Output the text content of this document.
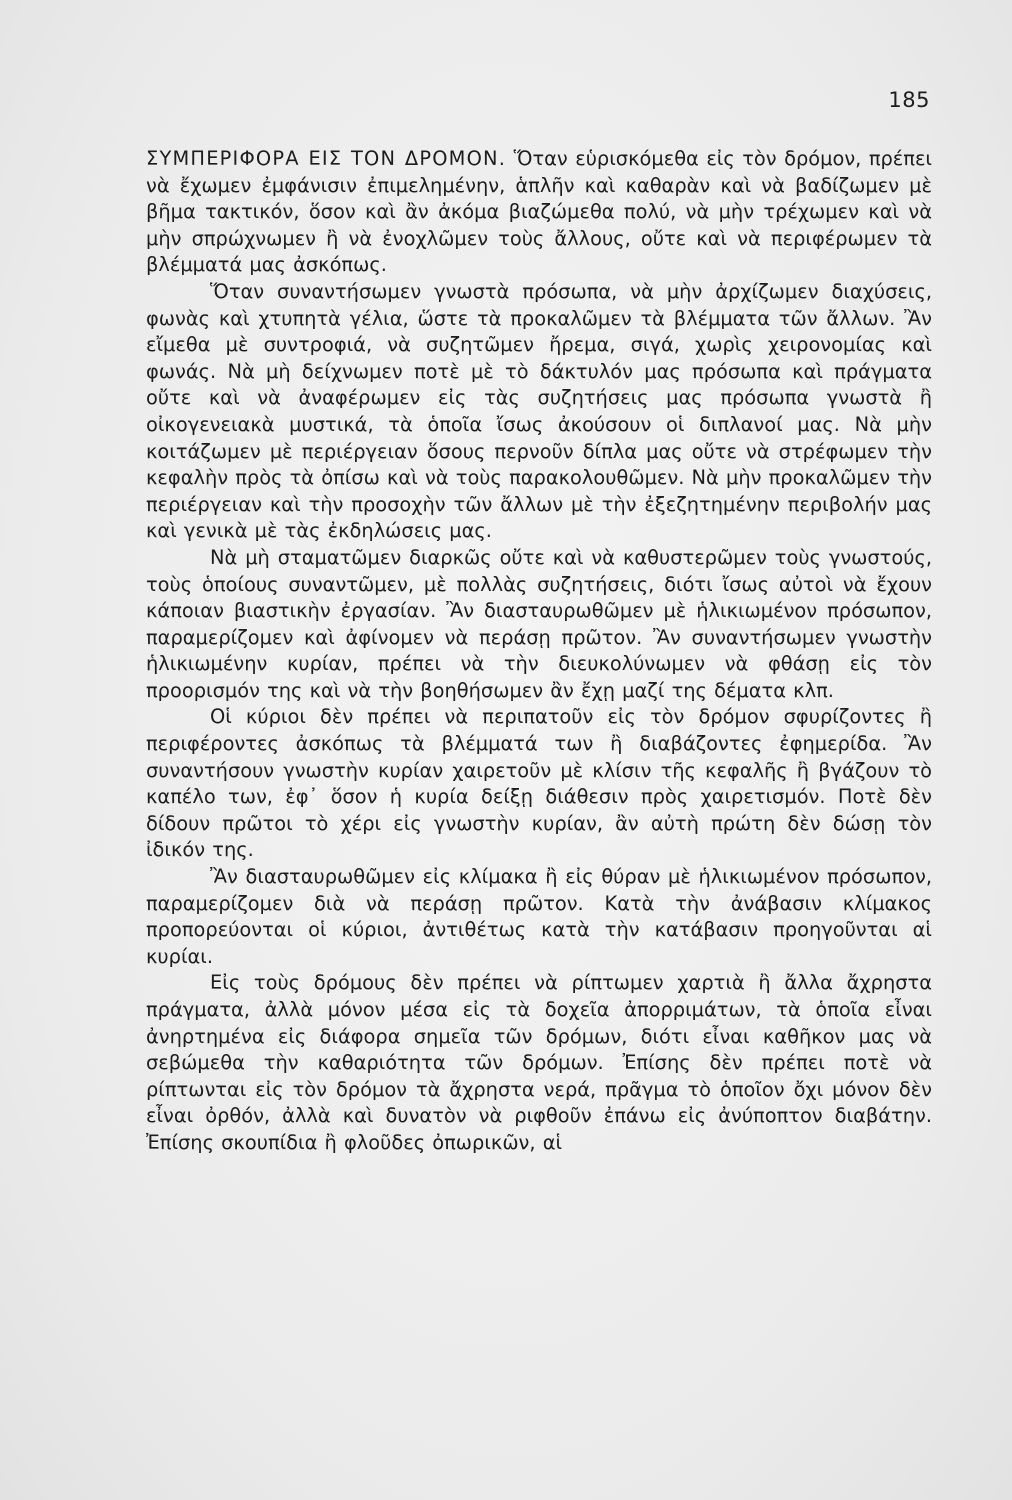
185

ΣΥΜΠΕΡΙΦΟΡΑ ΕΙΣ ΤΟΝ ΔΡΟΜΟΝ. Ὅταν εὑρισκόμεθα εἰς τὸν δρόμον, πρέπει νὰ ἔχωμεν ἐμφάνισιν ἐπιμελημένην, ἁπλῆν καὶ καθαρὰν καὶ νὰ βαδίζωμεν μὲ βῆμα τακτικόν, ὅσον καὶ ἂν ἀκόμα βιαζώμεθα πολύ, νὰ μὴν τρέχωμεν καὶ νὰ μὴν σπρώχνωμεν ἢ νὰ ἐνοχλῶμεν τοὺς ἄλλους, οὔτε καὶ νὰ περιφέρωμεν τὰ βλέμματά μας ἀσκόπως.

Ὅταν συναντήσωμεν γνωστὰ πρόσωπα, νὰ μὴν ἀρχίζωμεν διαχύσεις, φωνὰς καὶ χτυπητὰ γέλια, ὥστε τὰ προκαλῶμεν τὰ βλέμματα τῶν ἄλλων. Ἂν εἴμεθα μὲ συντροφιά, νὰ συζητῶμεν ἤρεμα, σιγά, χωρὶς χειρονομίας καὶ φωνάς. Νὰ μὴ δείχνωμεν ποτὲ μὲ τὸ δάκτυλόν μας πρόσωπα καὶ πράγματα οὔτε καὶ νὰ ἀναφέρωμεν εἰς τὰς συζητήσεις μας πρόσωπα γνωστὰ ἢ οἰκογενειακὰ μυστικά, τὰ ὁποῖα ἴσως ἀκούσουν οἱ διπλανοί μας. Νὰ μὴν κοιτάζωμεν μὲ περιέργειαν ὅσους περνοῦν δίπλα μας οὔτε νὰ στρέφωμεν τὴν κεφαλὴν πρὸς τὰ ὀπίσω καὶ νὰ τοὺς παρακολουθῶμεν. Νὰ μὴν προκαλῶμεν τὴν περιέργειαν καὶ τὴν προσοχὴν τῶν ἄλλων μὲ τὴν ἐξεζητημένην περιβολήν μας καὶ γενικὰ μὲ τὰς ἐκδηλώσεις μας.

Νὰ μὴ σταματῶμεν διαρκῶς οὔτε καὶ νὰ καθυστερῶμεν τοὺς γνωστούς, τοὺς ὁποίους συναντῶμεν, μὲ πολλὰς συζητήσεις, διότι ἴσως αὐτοὶ νὰ ἔχουν κάποιαν βιαστικὴν ἐργασίαν. Ἂν διασταυρωθῶμεν μὲ ἡλικιωμένον πρόσωπον, παραμερίζομεν καὶ ἀφίνομεν νὰ περάσῃ πρῶτον. Ἂν συναντήσωμεν γνωστὴν ἡλικιωμένην κυρίαν, πρέπει νὰ τὴν διευκολύνωμεν νὰ φθάσῃ εἰς τὸν προορισμόν της καὶ νὰ τὴν βοηθήσωμεν ἂν ἔχῃ μαζί της δέματα κλπ.

Οἱ κύριοι δὲν πρέπει νὰ περιπατοῦν εἰς τὸν δρόμον σφυρίζοντες ἢ περιφέροντες ἀσκόπως τὰ βλέμματά των ἢ διαβάζοντες ἐφημερίδα. Ἂν συναντήσουν γνωστὴν κυρίαν χαιρετοῦν μὲ κλίσιν τῆς κεφαλῆς ἢ βγάζουν τὸ καπέλο των, ἐφ᾽ ὅσον ἡ κυρία δείξῃ διάθεσιν πρὸς χαιρετισμόν. Ποτὲ δὲν δίδουν πρῶτοι τὸ χέρι εἰς γνωστὴν κυρίαν, ἂν αὐτὴ πρώτη δὲν δώσῃ τὸν ἰδικόν της.

Ἂν διασταυρωθῶμεν εἰς κλίμακα ἢ εἰς θύραν μὲ ἡλικιωμένον πρόσωπον, παραμερίζομεν διὰ νὰ περάσῃ πρῶτον. Κατὰ τὴν ἀνάβασιν κλίμακος προπορεύονται οἱ κύριοι, ἀντιθέτως κατὰ τὴν κατάβασιν προηγοῦνται αἱ κυρίαι.

Εἰς τοὺς δρόμους δὲν πρέπει νὰ ρίπτωμεν χαρτιὰ ἢ ἄλλα ἄχρηστα πράγματα, ἀλλὰ μόνον μέσα εἰς τὰ δοχεῖα ἀπορριμάτων, τὰ ὁποῖα εἶναι ἀνηρτημένα εἰς διάφορα σημεῖα τῶν δρόμων, διότι εἶναι καθῆκον μας νὰ σεβώμεθα τὴν καθαριότητα τῶν δρόμων. Ἐπίσης δὲν πρέπει ποτὲ νὰ ρίπτωνται εἰς τὸν δρόμον τὰ ἄχρηστα νερά, πρᾶγμα τὸ ὁποῖον ὄχι μόνον δὲν εἶναι ὀρθόν, ἀλλὰ καὶ δυνατὸν νὰ ριφθοῦν ἐπάνω εἰς ἀνύποπτον διαβάτην. Ἐπίσης σκουπίδια ἢ φλοῦδες ὀπωρικῶν, αἱ
